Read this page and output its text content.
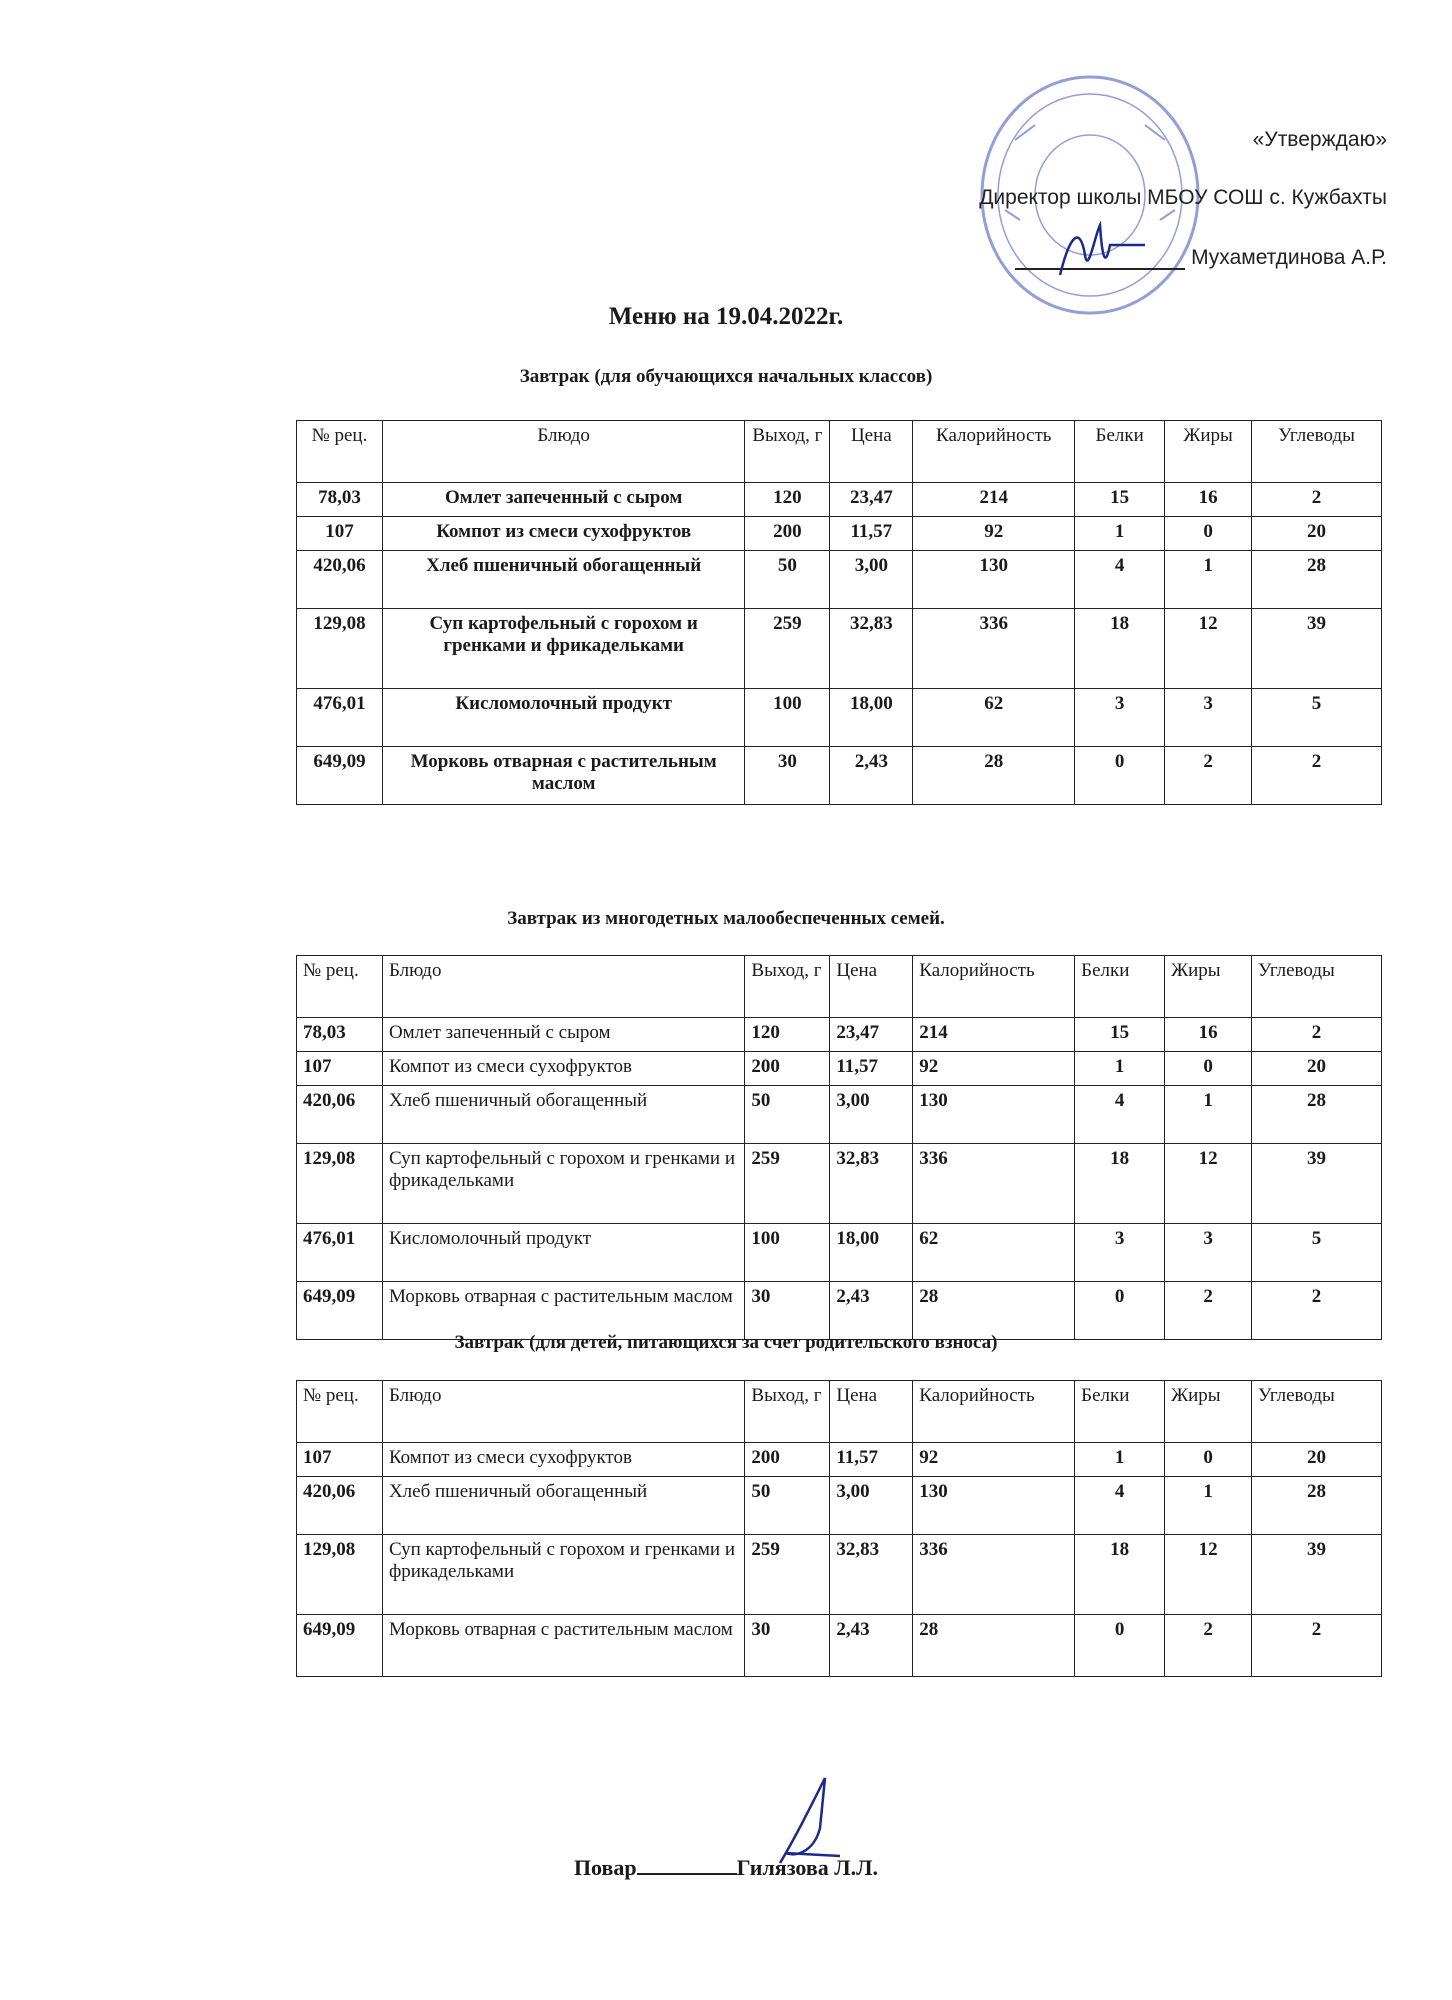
«Утверждаю»
Директор школы МБОУ СОШ с. Кужбахты
Мухаметдинова А.Р.
Меню на 19.04.2022г.
Завтрак (для обучающихся начальных классов)
№ рец.	Блюдо	Выход, г	Цена	Калорийность	Белки	Жиры	Углеводы
78,03	Омлет запеченный с сыром	120	23,47	214	15	16	2
107	Компот из смеси сухофруктов	200	11,57	92	1	0	20
420,06	Хлеб пшеничный обогащенный	50	3,00	130	4	1	28
129,08	Суп картофельный с горохом и гренками и фрикадельками	259	32,83	336	18	12	39
476,01	Кисломолочный продукт	100	18,00	62	3	3	5
649,09	Морковь отварная с растительным маслом	30	2,43	28	0	2	2
Завтрак из многодетных малообеспеченных семей.
№ рец.	Блюдо	Выход, г	Цена	Калорийность	Белки	Жиры	Углеводы
78,03	Омлет запеченный с сыром	120	23,47	214	15	16	2
107	Компот из смеси сухофруктов	200	11,57	92	1	0	20
420,06	Хлеб пшеничный обогащенный	50	3,00	130	4	1	28
129,08	Суп картофельный с горохом и гренками и фрикадельками	259	32,83	336	18	12	39
476,01	Кисломолочный продукт	100	18,00	62	3	3	5
649,09	Морковь отварная с растительным маслом	30	2,43	28	0	2	2
Завтрак (для детей, питающихся за счет родительского взноса)
№ рец.	Блюдо	Выход, г	Цена	Калорийность	Белки	Жиры	Углеводы
107	Компот из смеси сухофруктов	200	11,57	92	1	0	20
420,06	Хлеб пшеничный обогащенный	50	3,00	130	4	1	28
129,08	Суп картофельный с горохом и гренками и фрикадельками	259	32,83	336	18	12	39
649,09	Морковь отварная с растительным маслом	30	2,43	28	0	2	2
Повар	Гилязова Л.Л.
